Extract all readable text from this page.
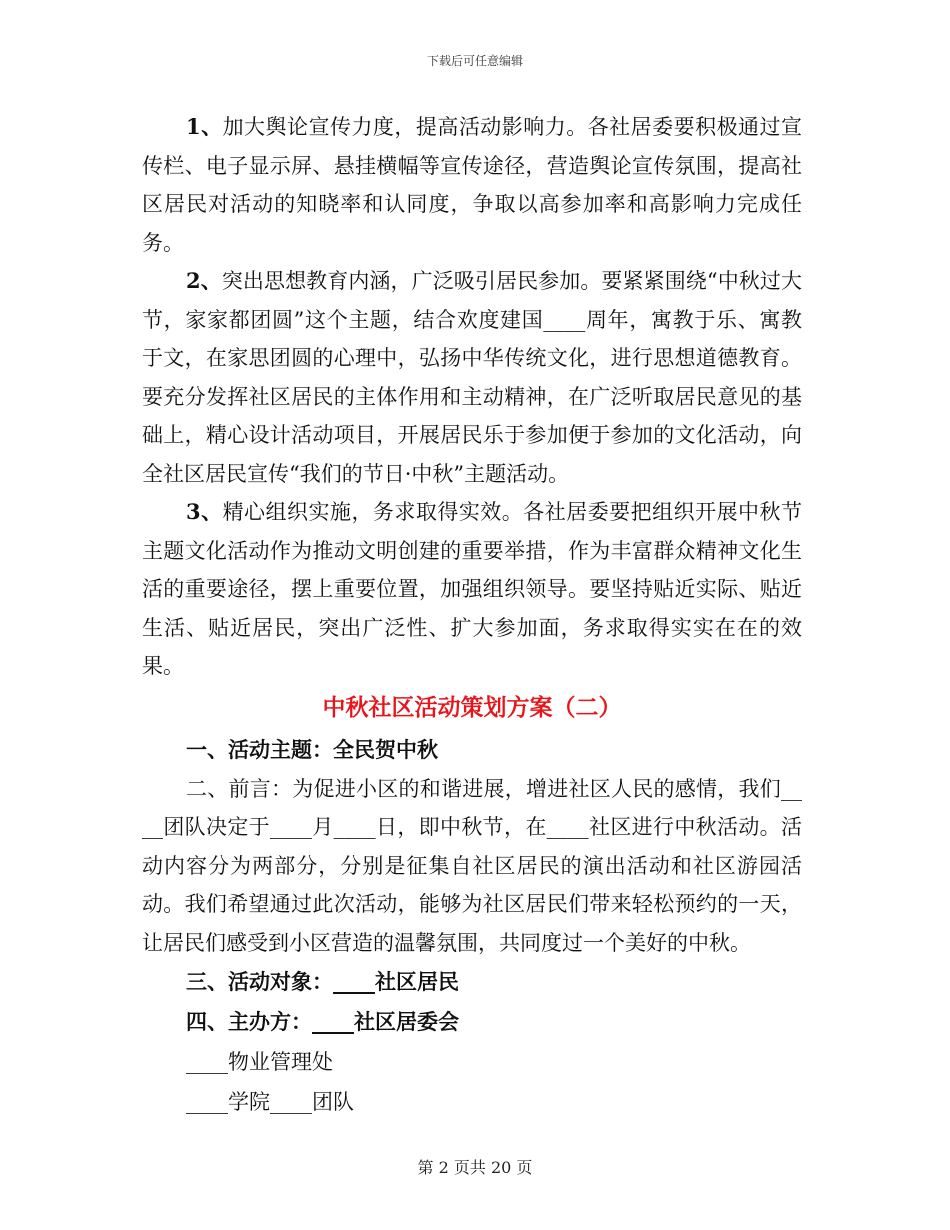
下载后可任意编辑

1、加大舆论宣传力度，提高活动影响力。各社居委要积极通过宣传栏、电子显示屏、悬挂横幅等宣传途径，营造舆论宣传氛围，提高社区居民对活动的知晓率和认同度，争取以高参加率和高影响力完成任务。

2、突出思想教育内涵，广泛吸引居民参加。要紧紧围绕“中秋过大节，家家都团圆”这个主题，结合欢度建国____周年，寓教于乐、寓教于文，在家思团圆的心理中，弘扬中华传统文化，进行思想道德教育。要充分发挥社区居民的主体作用和主动精神，在广泛听取居民意见的基础上，精心设计活动项目，开展居民乐于参加便于参加的文化活动，向全社区居民宣传“我们的节日·中秋”主题活动。

3、精心组织实施，务求取得实效。各社居委要把组织开展中秋节主题文化活动作为推动文明创建的重要举措，作为丰富群众精神文化生活的重要途径，摆上重要位置，加强组织领导。要坚持贴近实际、贴近生活、贴近居民，突出广泛性、扩大参加面，务求取得实实在在的效果。

中秋社区活动策划方案（二）

一、活动主题：全民贺中秋

二、前言：为促进小区的和谐进展，增进社区人民的感情，我们____团队决定于____月____日，即中秋节，在____社区进行中秋活动。活动内容分为两部分，分别是征集自社区居民的演出活动和社区游园活动。我们希望通过此次活动，能够为社区居民们带来轻松预约的一天，让居民们感受到小区营造的温馨氛围，共同度过一个美好的中秋。

三、活动对象：____社区居民

四、主办方：____社区居委会

____物业管理处

____学院____团队

第 2 页共 20 页
